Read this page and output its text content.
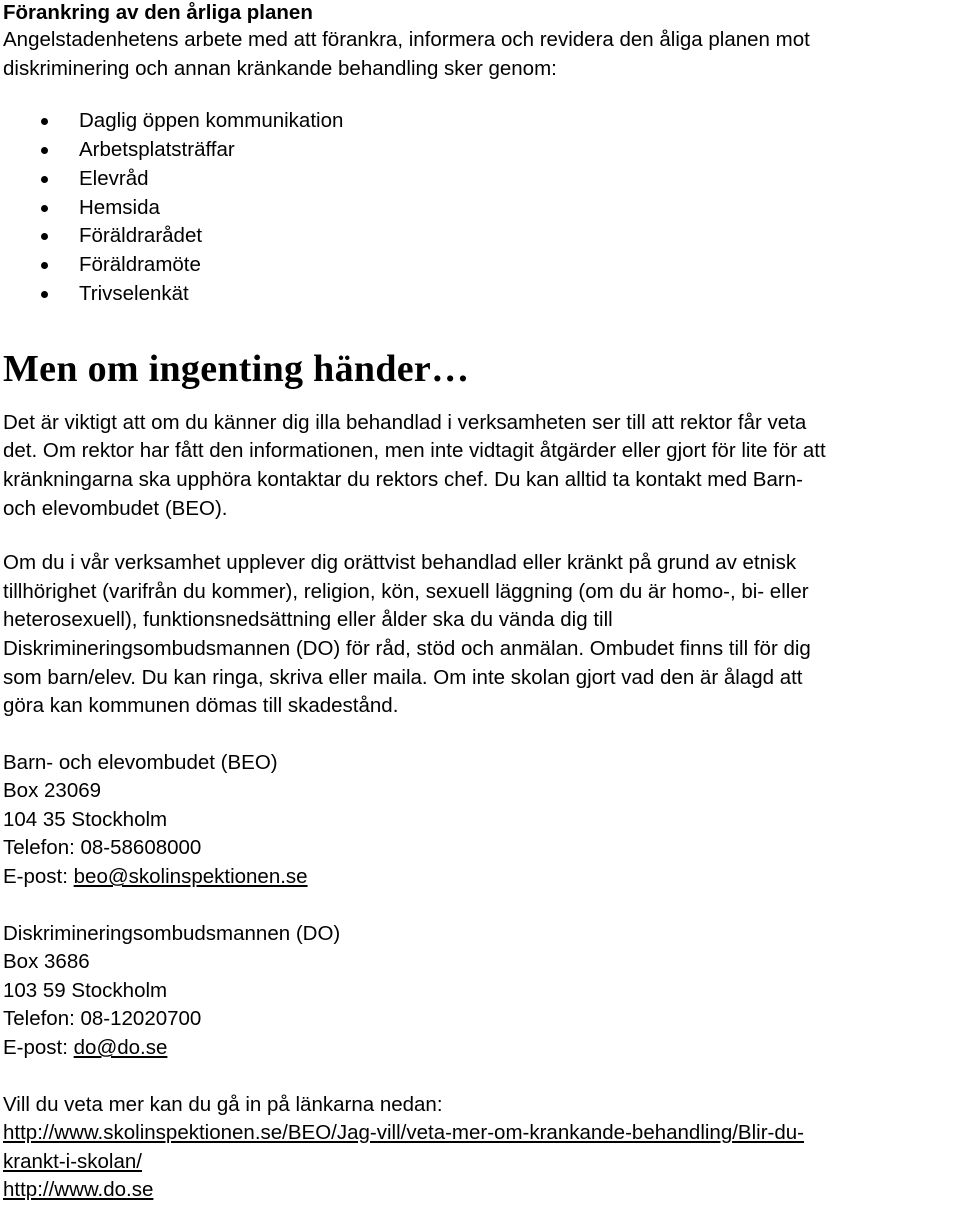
Förankring av den årliga planen

Angelstadenhetens arbete med att förankra, informera och revidera den åliga planen mot
diskriminering och annan kränkande behandling sker genom:

Daglig öppen kommunikation
Arbetsplatsträffar
Elevråd
Hemsida
Föräldrarådet
Föräldramöte
Trivselenkät
Men om ingenting händer…

Det är viktigt att om du känner dig illa behandlad i verksamheten ser till att rektor får veta
det. Om rektor har fått den informationen, men inte vidtagit åtgärder eller gjort för lite för att
kränkningarna ska upphöra kontaktar du rektors chef. Du kan alltid ta kontakt med Barn-
och elevombudet (BEO).

Om du i vår verksamhet upplever dig orättvist behandlad eller kränkt på grund av etnisk
tillhörighet (varifrån du kommer), religion, kön, sexuell läggning (om du är homo-, bi- eller
heterosexuell), funktionsnedsättning eller ålder ska du vända dig till
Diskrimineringsombudsmannen (DO) för råd, stöd och anmälan. Ombudet finns till för dig
som barn/elev. Du kan ringa, skriva eller maila. Om inte skolan gjort vad den är ålagd att
göra kan kommunen dömas till skadestånd.

Barn- och elevombudet (BEO)
Box 23069
104 35 Stockholm
Telefon: 08-58608000
E-post: beo@skolinspektionen.se
Diskrimineringsombudsmannen (DO)
Box 3686
103 59 Stockholm
Telefon: 08-12020700
E-post: do@do.se
Vill du veta mer kan du gå in på länkarna nedan:
http://www.skolinspektionen.se/BEO/Jag-vill/veta-mer-om-krankande-behandling/Blir-du-
krankt-i-skolan/
http://www.do.se
